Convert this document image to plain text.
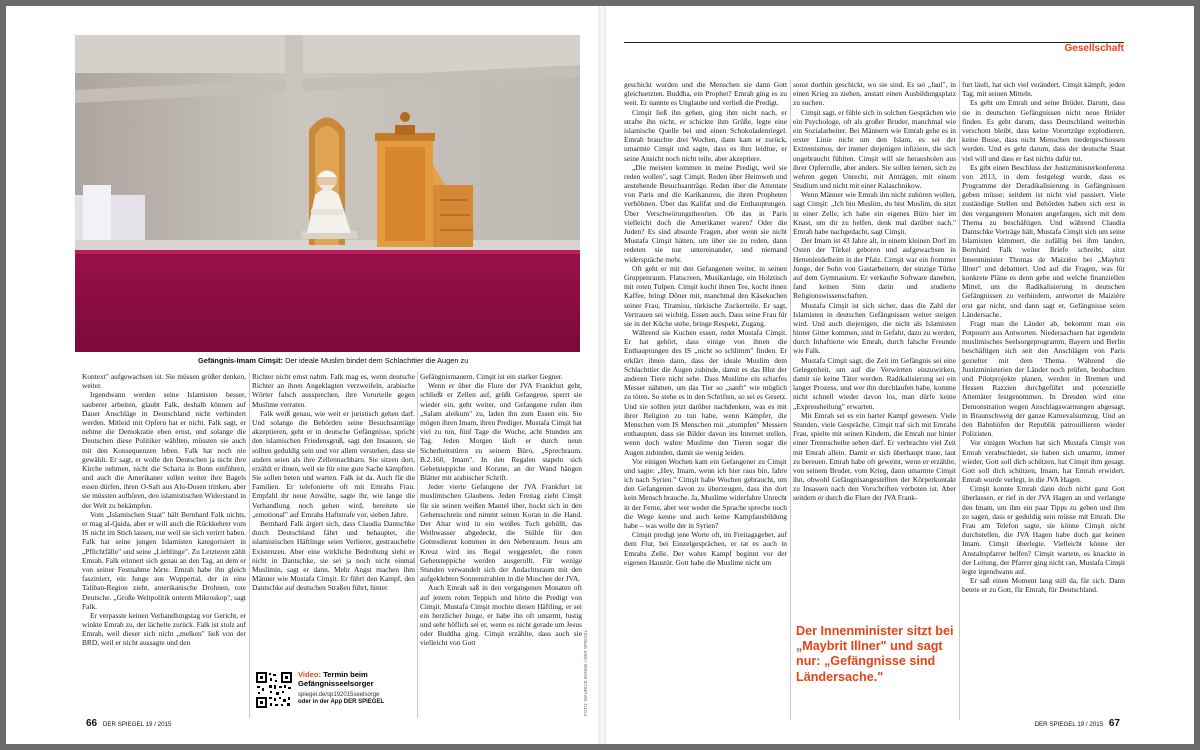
Gefängnis-Imam Cimşit: Der ideale Muslim bindet dem Schlachttier die Augen zu
FOTO: MAURICE BANNE / DER SPIEGEL

Kontext" aufgewachsen ist. Sie müssen größer denken, weiter.

Irgendwann werden seine Islamisten besser, sauberer arbeiten, glaubt Falk, deshalb können auf Dauer Anschläge in Deutschland nicht verhindert werden. Mitleid mit Opfern hat er nicht. Falk sagt, er nehme die Demokratie eben ernst, und solange die Deutschen diese Politiker wählten, müssten sie auch mit den Konsequenzen leben. Falk hat noch nie gewählt. Er sagt, er wolle den Deutschen ja nicht ihre Kirche nehmen, nicht die Scharia in Bonn einführen, und auch die Amerikaner sollen weiter ihre Bagels essen dürfen, ihren O-Saft aus Alu-Dosen trinken, aber sie müssten aufhören, den islamistischen Widerstand in der Welt zu bekämpfen.

Vom „Islamischen Staat" hält Bernhard Falk nichts, er mag al-Qaida, aber er will auch die Rückkehrer vom IS nicht im Stich lassen, nur weil sie sich verirrt haben. Falk hat seine jungen Islamisten kategorisiert in „Pflichtfälle" und seine „Lieblinge". Zu Letzteren zählt Emrah. Falk erinnert sich genau an den Tag, an dem er von seiner Festnahme hörte. Emrah habe ihn gleich fasziniert, ein Junge aus Wuppertal, der in eine Taliban-Region zieht, amerikanische Drohnen, tote Deutsche. „Große Weltpolitik unterm Mikroskop", sagt Falk.

Er verpasste keinen Verhandlungstag vor Gericht, er winkte Emrah zu, der lächelte zurück. Falk ist stolz auf Emrah, weil dieser sich nicht „melken" ließ von der BRD, weil er nicht aussagte und den

Richter nicht ernst nahm. Falk mag es, wenn deutsche Richter an ihren Angeklagten verzweifeln, arabische Wörter falsch aussprechen, ihre Vorurteile gegen Muslime verraten.

Falk weiß genau, wie weit er juristisch gehen darf. Und solange die Behörden seine Besuchsanträge akzeptieren, geht er in deutsche Gefängnisse, spricht den islamischen Friedensgruß, sagt den Insassen, sie sollten geduldig sein und vor allem verstehen, dass sie anders seien als ihre Zellennachbarn. Sie sitzen dort, erzählt er ihnen, weil sie für eine gute Sache kämpften. Sie sollen beten und warten. Falk ist da. Auch für die Familien. Er telefonierte oft mit Emrahs Frau. Empfahl ihr neue Anwälte, sagte ihr, wie lange die Verhandlung noch gehen wird, bereitete sie „emotional" auf Emrahs Haftstrafe vor, sieben Jahre.

Bernhard Falk ärgert sich, dass Claudia Dantschke durch Deutschland fährt und behauptet, die islamistischen Häftlinge seien Verlierer, gestrauchelte Existenzen. Aber eine wirkliche Bedrohung sieht er nicht in Dantschke, sie sei ja noch nicht einmal Muslimin, sagt er dann. Mehr Angst machen ihm Männer wie Mustafa Cimşit. Er führt den Kampf, den Dantschke auf deutschen Straßen führt, hinter

Gefängnismauern. Cimşit ist ein starker Gegner.

Wenn er über die Flure der JVA Frankfurt geht, schließt er Zellen auf, grüßt Gefangene, sperrt sie wieder ein, geht weiter, und Gefangene rufen ihm „Salam aleikum" zu, laden ihn zum Essen ein. Sie mögen ihren Imam, ihren Prediger. Mustafa Cimşit hat viel zu tun, fünf Tage die Woche, acht Stunden am Tag. Jeden Morgen läuft er durch neun Sicherheitstüren zu seinem Büro, „Sprechraum, B.2.160, Imam". In den Regalen stapeln sich Gebetsteppiche und Korane, an der Wand hängen Blätter mit arabischer Schrift.

Jeder vierte Gefangene der JVA Frankfurt ist muslimischen Glaubens. Jeden Freitag zieht Cimşit für sie seinen weißen Mantel über, hockt sich in den Gebetsschrein und nimmt seinen Koran in die Hand. Der Altar wird in ein weißes Tuch gehüllt, das Weihwasser abgedeckt, die Stühle für den Gottesdienst kommen in den Nebenraum. Jesus am Kreuz wird ins Regal weggestört, die roten Gebetsteppiche werden ausgerollt. Für wenige Stunden verwandelt sich der Andachtsraum mit den aufgeklebten Sonnenstrahlen in die Moschee der JVA.

Auch Emrah saß in den vergangenen Monaten oft auf jenem roten Teppich und hörte die Predigt von Cimşit. Mustafa Cimşit mochte diesen Häftling, er sei ein herzlicher Junge, er habe ihn oft umarmt, lustig und sehr höflich sei er, wenn es nicht gerade um Jesus oder Buddha ging. Cimşit erzählte, dass auch sie vielleicht von Gott

Video: Termin beim Gefängnisseelsorger
spiegel.de/sp192015seelsorge
oder in der App DER SPIEGEL
Gesellschaft

geschickt wurden und die Menschen sie dann Gott gleichsetzten. Buddha, ein Prophet? Emrah ging es zu weit. Er nannte es Unglaube und verließ die Predigt.

Cimşit ließ ihn gehen, ging ihm nicht nach, er strafte ihn nicht, er schickte ihm Grüße, legte eine islamische Quelle bei und einen Schokoladenriegel. Emrah brauchte drei Wochen, dann kam er zurück, umarmte Cimşit und sagte, dass es ihm leidtue, er seine Ansicht noch nicht teile, aber akzeptiere.

„Die meisten kommen in meine Predigt, weil sie reden wollen", sagt Cimşit. Reden über Heimweh und anstehende Besuchsanträge. Reden über die Attentate von Paris und die Karikaturen, die ihren Propheten verhöhnen. Über das Kalifat und die Enthauptungen. Über Verschwörungstheorien. Ob das in Paris vielleicht doch die Amerikaner waren? Oder die Juden? Es sind absurde Fragen, aber wenn sie nicht Mustafa Cimşit hätten, um über sie zu reden, dann redeten sie nur untereinander, und niemand widerspräche mehr.

Oft geht er mit den Gefangenen weiter, in seinen Gruppenraum. Flatscreen, Musikanlage, ein Holztisch mit roten Tulpen. Cimşit kocht ihnen Tee, kocht ihnen Kaffee, bringt Döner mit, manchmal den Käsekuchen seiner Frau, Tiramisu, türkische Zuckerteile. Er sagt, Vertrauen sei wichtig. Essen auch. Dass seine Frau für sie in der Küche stehe, bringe Respekt, Zugang.

Während sie Kuchen essen, redet Mustafa Cimşit. Er hat gehört, dass einige von ihnen die Enthauptungen des IS „nicht so schlimm" finden. Er erklärt ihnen dann, dass der ideale Muslim dem Schlachttier die Augen zubinde, damit es das Blut der anderen Tiere nicht sehe. Dass Muslime ein scharfes Messer nähmen, um das Tier so „sanft" wie möglich zu töten. So stehe es in den Schriften, so sei es Gesetz. Und sie sollten jetzt darüber nachdenken, was es mit ihrer Religion zu tun habe, wenn Kämpfer, die Menschen vom IS Menschen mit „stumpfen" Messern enthaupten, dass sie Bilder davon ins Internet stellen, wenn doch wahre Muslime den Tieren sogar die Augen zubinden, damit sie wenig leiden.

Vor einigen Wochen kam ein Gefangener zu Cimşit und sagte: „Hey, Imam, wenn ich hier raus bin, fahre ich nach Syrien." Cimşit habe Wochen gebraucht, um den Gefangenen davon zu überzeugen, dass ihn dort kein Mensch brauche. Ja, Muslime widerfahre Unrecht in der Ferne, aber wer weder die Sprache spreche noch die Wege kenne und auch keine Kampfausbildung habe – was wolle der in Syrien?

Cimşit predigt jene Worte oft, im Freitagsgebet, auf dem Flur, bei Einzelgesprächen, er tat es auch in Emrahs Zelle. Der wahre Kampf beginnt vor der eigenen Haustür. Gott habe die Muslime nicht um

sonst dorthin geschickt, wo sie sind. Es sei „faul", in einen Krieg zu ziehen, anstatt einen Ausbildungsplatz zu suchen.

Cimşit sagt, er fühle sich in solchen Gesprächen wie ein Psychologe, oft als großer Bruder, manchmal wie ein Sozialarbeiter. Bei Männern wie Emrah gehe es in erster Linie nicht um den Islam, es sei der Extremismus, der immer diejenigen infiziere, die sich ungebraucht fühlten. Cimşit will sie herausholen aus ihrer Opferrolle, aber anders. Sie sollen lernen, sich zu wehren gegen Unrecht, mit Anträgen, mit einem Studium und nicht mit einer Kalaschnikow.

Wenn Männer wie Emrah ihn nicht zuhören wollen, sagt Cimşit: „Ich bin Muslim, du bist Muslim, du sitzt in einer Zelle, ich habe ein eigenes Büro hier im Knast, um dir zu helfen, denk mal darüber nach." Emrah habe nachgedacht, sagt Cimşit.

Der Imam ist 43 Jahre alt, in einem kleinen Dorf im Osten der Türkei geboren und aufgewachsen in Hettenleidelheim in der Pfalz. Cimşit war ein frommer Junge, der Sohn von Gastarbeitern, der einzige Türke auf dem Gymnasium. Er verkaufte Software daneben, fand keinen Sinn darin und studierte Religionswissenschaften.

Mustafa Cimşit ist sich sicher, dass die Zahl der Islamisten in deutschen Gefängnissen weiter steigen wird. Und auch diejenigen, die nicht als Islamisten hinter Gitter kommen, sind in Gefahr, dazu zu werden, durch Inhaftierte wie Emrah, durch falsche Freunde wie Falk.

Mustafa Cimşit sagt, die Zeit im Gefängnis sei eine Gelegenheit, um auf die Verwirrten einzuwirken, damit sie keine Täter werden. Radikalisierung sei ein langer Prozess, und wer ihn durchlaufen habe, komme nicht schnell wieder davon los, man dürfe keine „Expressheilung" erwarten.

Mit Emrah sei es ein harter Kampf gewesen. Viele Stunden, viele Gespräche. Cimşit traf sich mit Emrahs Frau, spielte mit seinen Kindern, die Emrah nur hinter einer Trennscheibe sehen darf. Er verbrachte viel Zeit mit Emrah allein. Damit er sich überhaupt traue, laut zu bereuen. Emrah habe oft geweint, wenn er erzählte, von seinem Bruder, vom Krieg, dann umarmte Cimşit ihn, obwohl Gefängnisangestellten der Körperkontakt zu Insassen nach den Vorschriften verboten ist. Aber seitdem er durch die Flure der JVA Frank-

Der Innenminister sitzt bei „Maybrit Illner" und sagt nur: „Gefängnisse sind Ländersache."

furt läuft, hat sich viel verändert. Cimşit kämpft, jeden Tag, mit seinen Mitteln.

Es geht um Emrah und seine Brüder. Darum, dass sie in deutschen Gefängnissen nicht neue Brüder finden. Es geht darum, dass Deutschland weiterhin verschont bleibt, dass keine Vorortzüge explodieren, keine Busse, dass nicht Menschen niedergeschossen werden. Und es geht darum, dass der deutsche Staat viel will und dass er fast nichts dafür tut.

Es gibt einen Beschluss der Justizministerkonferenz von 2013, in dem festgelegt wurde, dass es Programme der Deradikalisierung in Gefängnissen geben müsse; seitdem ist nicht viel passiert. Viele zuständige Stellen und Behörden haben sich erst in den vergangenen Monaten angefangen, sich mit dem Thema zu beschäftigen. Und während Claudia Dantschke Vorträge hält, Mustafa Cimşit sich um seine Islamisten kümmert, die zufällig bei ihm landen, Bernhard Falk weiter Briefe schreibt, sitzt Innenminister Thomas de Maizière bei „Maybrit Illner" und debattiert. Und auf die Fragen, was für konkrete Pläne es denn gebe und welche finanziellen Mittel, um die Radikalisierung in deutschen Gefängnissen zu verhindern, antwortet de Maizière erst gar nicht, und dann sagt er, Gefängnisse seien Ländersache.

Fragt man die Länder ab, bekommt man ein Potpourri aus Antworten. Niedersachsen hat irgendein muslimisches Seelsorgeprogramm, Bayern und Berlin beschäftigen sich seit den Anschlägen von Paris gezielter mit dem Thema. Während die Justizministerien der Länder noch prüfen, beobachten und Pilotprojekte planen, werden in Bremen und Hessen Razzien durchgeführt und potenzielle Attentäter festgenommen. In Dresden wird eine Demonstration wegen Anschlagswarnungen abgesagt, in Braunschweig der ganze Karnevalsumzug. Und an den Bahnhöfen der Republik patrouillieren wieder Polizisten.

Vor einigen Wochen hat sich Mustafa Cimşit von Emrah verabschiedet, sie haben sich umarmt, immer wieder, Gott soll dich schützen, hat Cimşit ihm gesagt. Gott soll dich schützen, Imam, hat Emrah erwidert. Emrah wurde verlegt, in die JVA Hagen.

Cimşit konnte Emrah dann doch nicht ganz Gott überlassen, er rief in der JVA Hagen an und verlangte den Imam, um ihm ein paar Tipps zu geben und ihm zu sagen, dass er geduldig sein müsse mit Emrah. Die Frau am Telefon sagte, sie könne Cimşit nicht durchstellen, die JVA Hagen habe doch gar keinen Imam. Cimşit überlegte. Vielleicht könne der Anstaltspfarrer helfen? Cimşit wartete, es knackte in der Leitung, der Pfarrer ging nicht ran, Mustafa Cimşit legte irgendwann auf.

Er saß einen Moment lang still da, für sich. Dann betete er zu Gott, für Emrah, für Deutschland.

66 DER SPIEGEL 19 / 2015	DER SPIEGEL 19 / 2015 67
